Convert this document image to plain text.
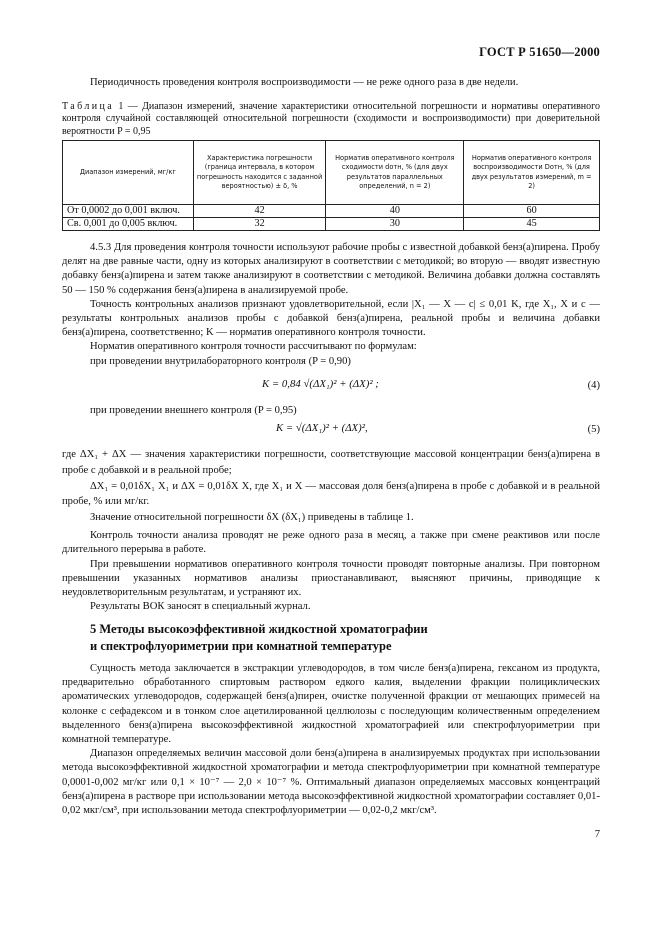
ГОСТ Р 51650—2000

Периодичность проведения контроля воспроизводимости — не реже одного раза в две недели.

Таблица 1 — Диапазон измерений, значение характеристики относительной погрешности и нормативы оперативного контроля случайной составляющей относительной погрешности (сходимости и воспроизводимости) при доверительной вероятности P = 0,95

Диапазон измерений, мг/кг	Характеристика погрешности (граница интервала, в котором погрешность находится с заданной вероятностью) ± δ, %	Норматив оперативного контроля сходимости dотн, % (для двух результатов параллельных определений, n = 2)	Норматив оперативного контроля воспроизводимости Dотн, % (для двух результатов измерений, m = 2)
От 0,0002 до 0,001 включ.	42	40	60
Св. 0,001 до 0,005 включ.	32	30	45

4.5.3 Для проведения контроля точности используют рабочие пробы с известной добавкой бенз(а)пирена. Пробу делят на две равные части, одну из которых анализируют в соответствии с методикой; во вторую — вводят известную добавку бенз(а)пирена и затем также анализируют в соответствии с методикой. Величина добавки должна составлять 50 — 150 % содержания бенз(а)пирена в анализируемой пробе.

Точность контрольных анализов признают удовлетворительной, если |X₁ — X — c| ≤ 0,01 K, где X₁, X и c — результаты контрольных анализов пробы с добавкой бенз(а)пирена, реальной пробы и величина добавки бенз(а)пирена, соответственно; K — норматив оперативного контроля точности.

Норматив оперативного контроля точности рассчитывают по формулам:

при проведении внутрилабораторного контроля (P = 0,90)

K = 0,84 √(ΔX₁)² + (ΔX)² ;	(4)

при проведении внешнего контроля (P = 0,95)

K = √(ΔX₁)² + (ΔX)²,	(5)

где ΔX₁ + ΔX — значения характеристики погрешности, соответствующие массовой концентрации бенз(а)пирена в пробе с добавкой и в реальной пробе;

ΔX₁ = 0,01δX₁ X₁ и ΔX = 0,01δX X, где X₁ и X — массовая доля бенз(а)пирена в пробе с добавкой и в реальной пробе, % или мг/кг.

Значение относительной погрешности δX (δX₁) приведены в таблице 1.

Контроль точности анализа проводят не реже одного раза в месяц, а также при смене реактивов или после длительного перерыва в работе.

При превышении нормативов оперативного контроля точности проводят повторные анализы. При повторном превышении указанных нормативов анализы приостанавливают, выясняют причины, приводящие к неудовлетворительным результатам, и устраняют их.

Результаты ВОК заносят в специальный журнал.

5 Методы высокоэффективной жидкостной хроматографии
и спектрофлуориметрии при комнатной температуре

Сущность метода заключается в экстракции углеводородов, в том числе бенз(а)пирена, гексаном из продукта, предварительно обработанного спиртовым раствором едкого калия, выделении фракции полициклических ароматических углеводородов, содержащей бенз(а)пирен, очистке полученной фракции от мешающих примесей на колонке с сефадексом и в тонком слое ацетилированной целлюлозы с последующим количественным определением выделенного бенз(а)пирена высокоэффективной жидкостной хроматографией или спектрофлуориметрии при комнатной температуре.

Диапазон определяемых величин массовой доли бенз(а)пирена в анализируемых продуктах при использовании метода высокоэффективной жидкостной хроматографии и метода спектрофлуориметрии при комнатной температуре 0,0001-0,002 мг/кг или 0,1 × 10⁻⁷ — 2,0 × 10⁻⁷ %. Оптимальный диапазон определяемых массовых концентраций бенз(а)пирена в растворе при использовании метода высокоэффективной жидкостной хроматографии составляет 0,01-0,02 мкг/см³, при использовании метода спектрофлуориметрии — 0,02-0,2 мкг/см³.

7
